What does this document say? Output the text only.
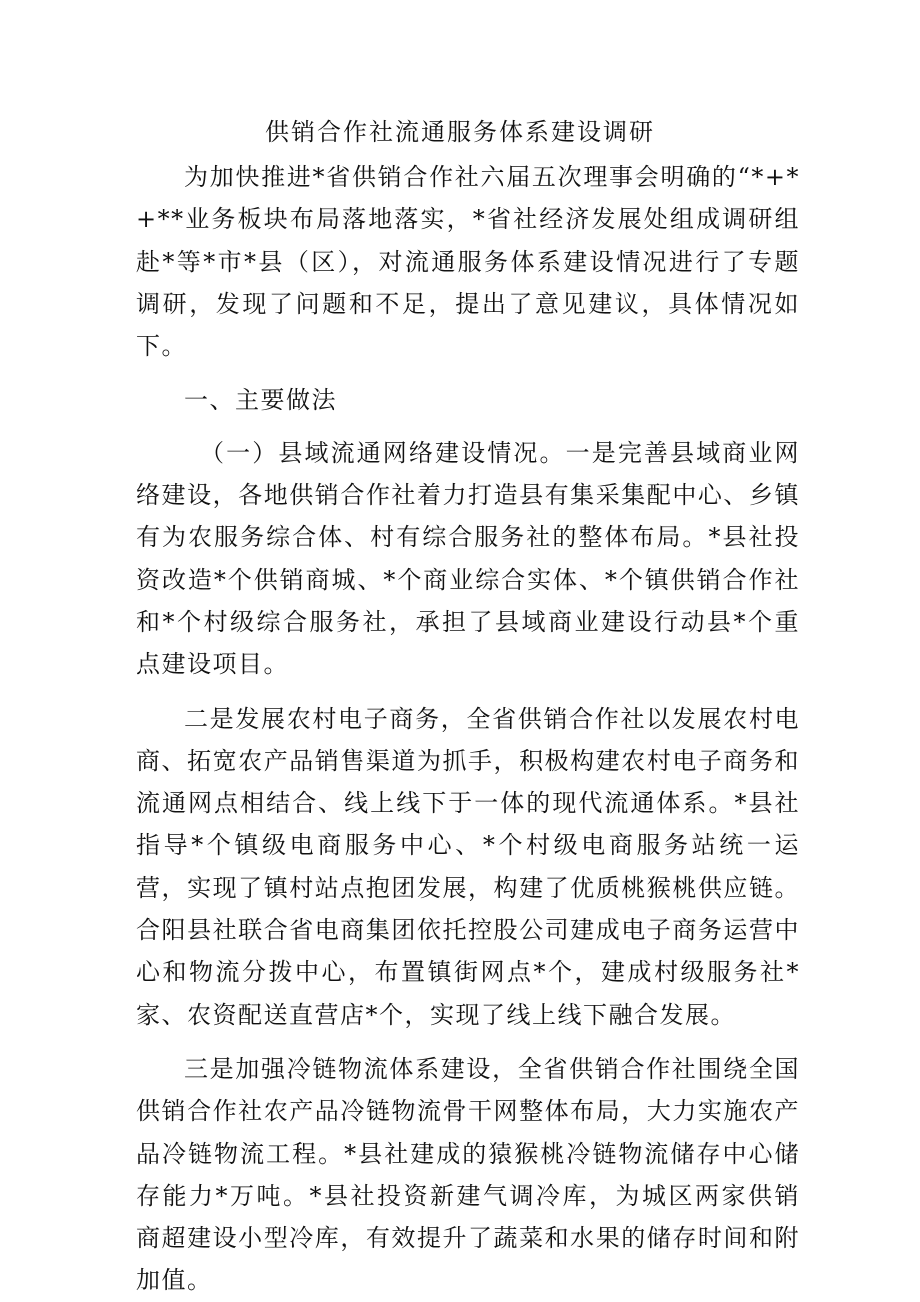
供销合作社流通服务体系建设调研

为加快推进*省供销合作社六届五次理事会明确的“*+*+**业务板块布局落地落实，*省社经济发展处组成调研组赴*等*市*县（区），对流通服务体系建设情况进行了专题调研，发现了问题和不足，提出了意见建议，具体情况如下。

一、主要做法

（一）县域流通网络建设情况。一是完善县域商业网络建设，各地供销合作社着力打造县有集采集配中心、乡镇有为农服务综合体、村有综合服务社的整体布局。*县社投资改造*个供销商城、*个商业综合实体、*个镇供销合作社和*个村级综合服务社，承担了县域商业建设行动县*个重点建设项目。

二是发展农村电子商务，全省供销合作社以发展农村电商、拓宽农产品销售渠道为抓手，积极构建农村电子商务和流通网点相结合、线上线下于一体的现代流通体系。*县社指导*个镇级电商服务中心、*个村级电商服务站统一运营，实现了镇村站点抱团发展，构建了优质桃猴桃供应链。合阳县社联合省电商集团依托控股公司建成电子商务运营中心和物流分拨中心，布置镇街网点*个，建成村级服务社*家、农资配送直营店*个，实现了线上线下融合发展。

三是加强冷链物流体系建设，全省供销合作社围绕全国供销合作社农产品冷链物流骨干网整体布局，大力实施农产品冷链物流工程。*县社建成的猿猴桃冷链物流储存中心储存能力*万吨。*县社投资新建气调冷库，为城区两家供销商超建设小型冷库，有效提升了蔬菜和水果的储存时间和附加值。
